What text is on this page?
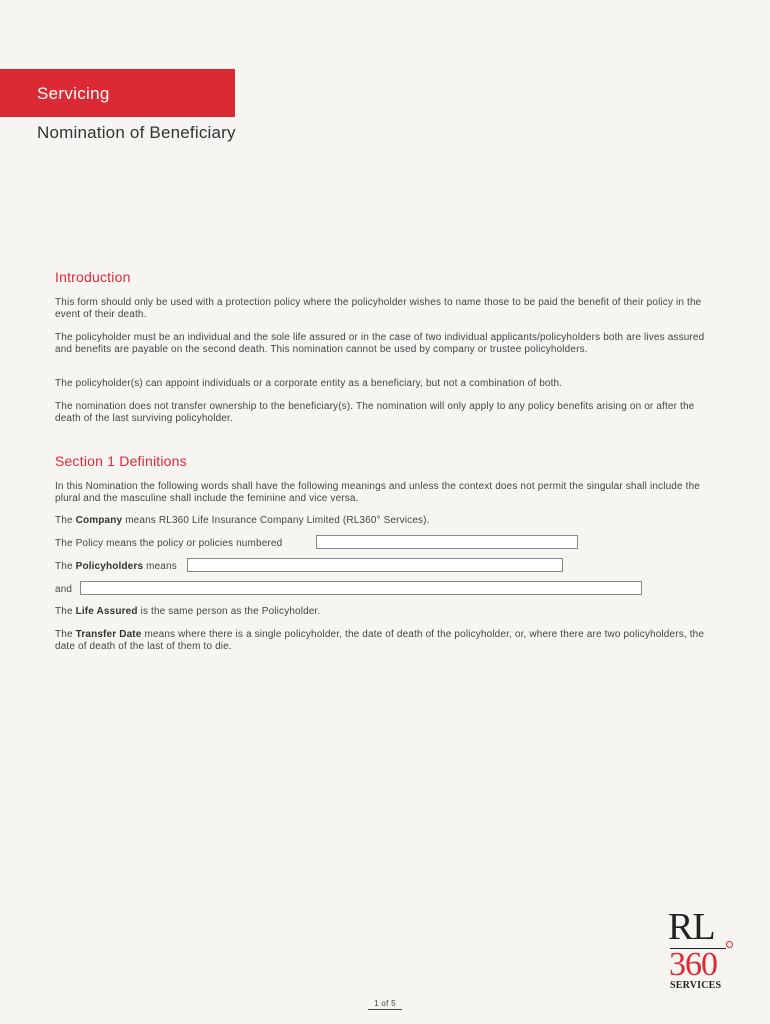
Servicing
Nomination of Beneficiary
Introduction

This form should only be used with a protection policy where the policyholder wishes to name those to be paid the benefit of their policy in the event of their death.

The policyholder must be an individual and the sole life assured or in the case of two individual applicants/policyholders both are lives assured and benefits are payable on the second death. This nomination cannot be used by company or trustee policyholders.

The policyholder(s) can appoint individuals or a corporate entity as a beneficiary, but not a combination of both.

The nomination does not transfer ownership to the beneficiary(s). The nomination will only apply to any policy benefits arising on or after the death of the last surviving policyholder.

Section 1 Definitions

In this Nomination the following words shall have the following meanings and unless the context does not permit the singular shall include the plural and the masculine shall include the feminine and vice versa.

The Company means RL360 Life Insurance Company Limited (RL360° Services).
The Policy means the policy or policies numbered
The Policyholders means
and
The Life Assured is the same person as the Policyholder.

The Transfer Date means where there is a single policyholder, the date of death of the policyholder, or, where there are two policyholders, the date of death of the last of them to die.

RL
360
SERVICES
1 of 5
